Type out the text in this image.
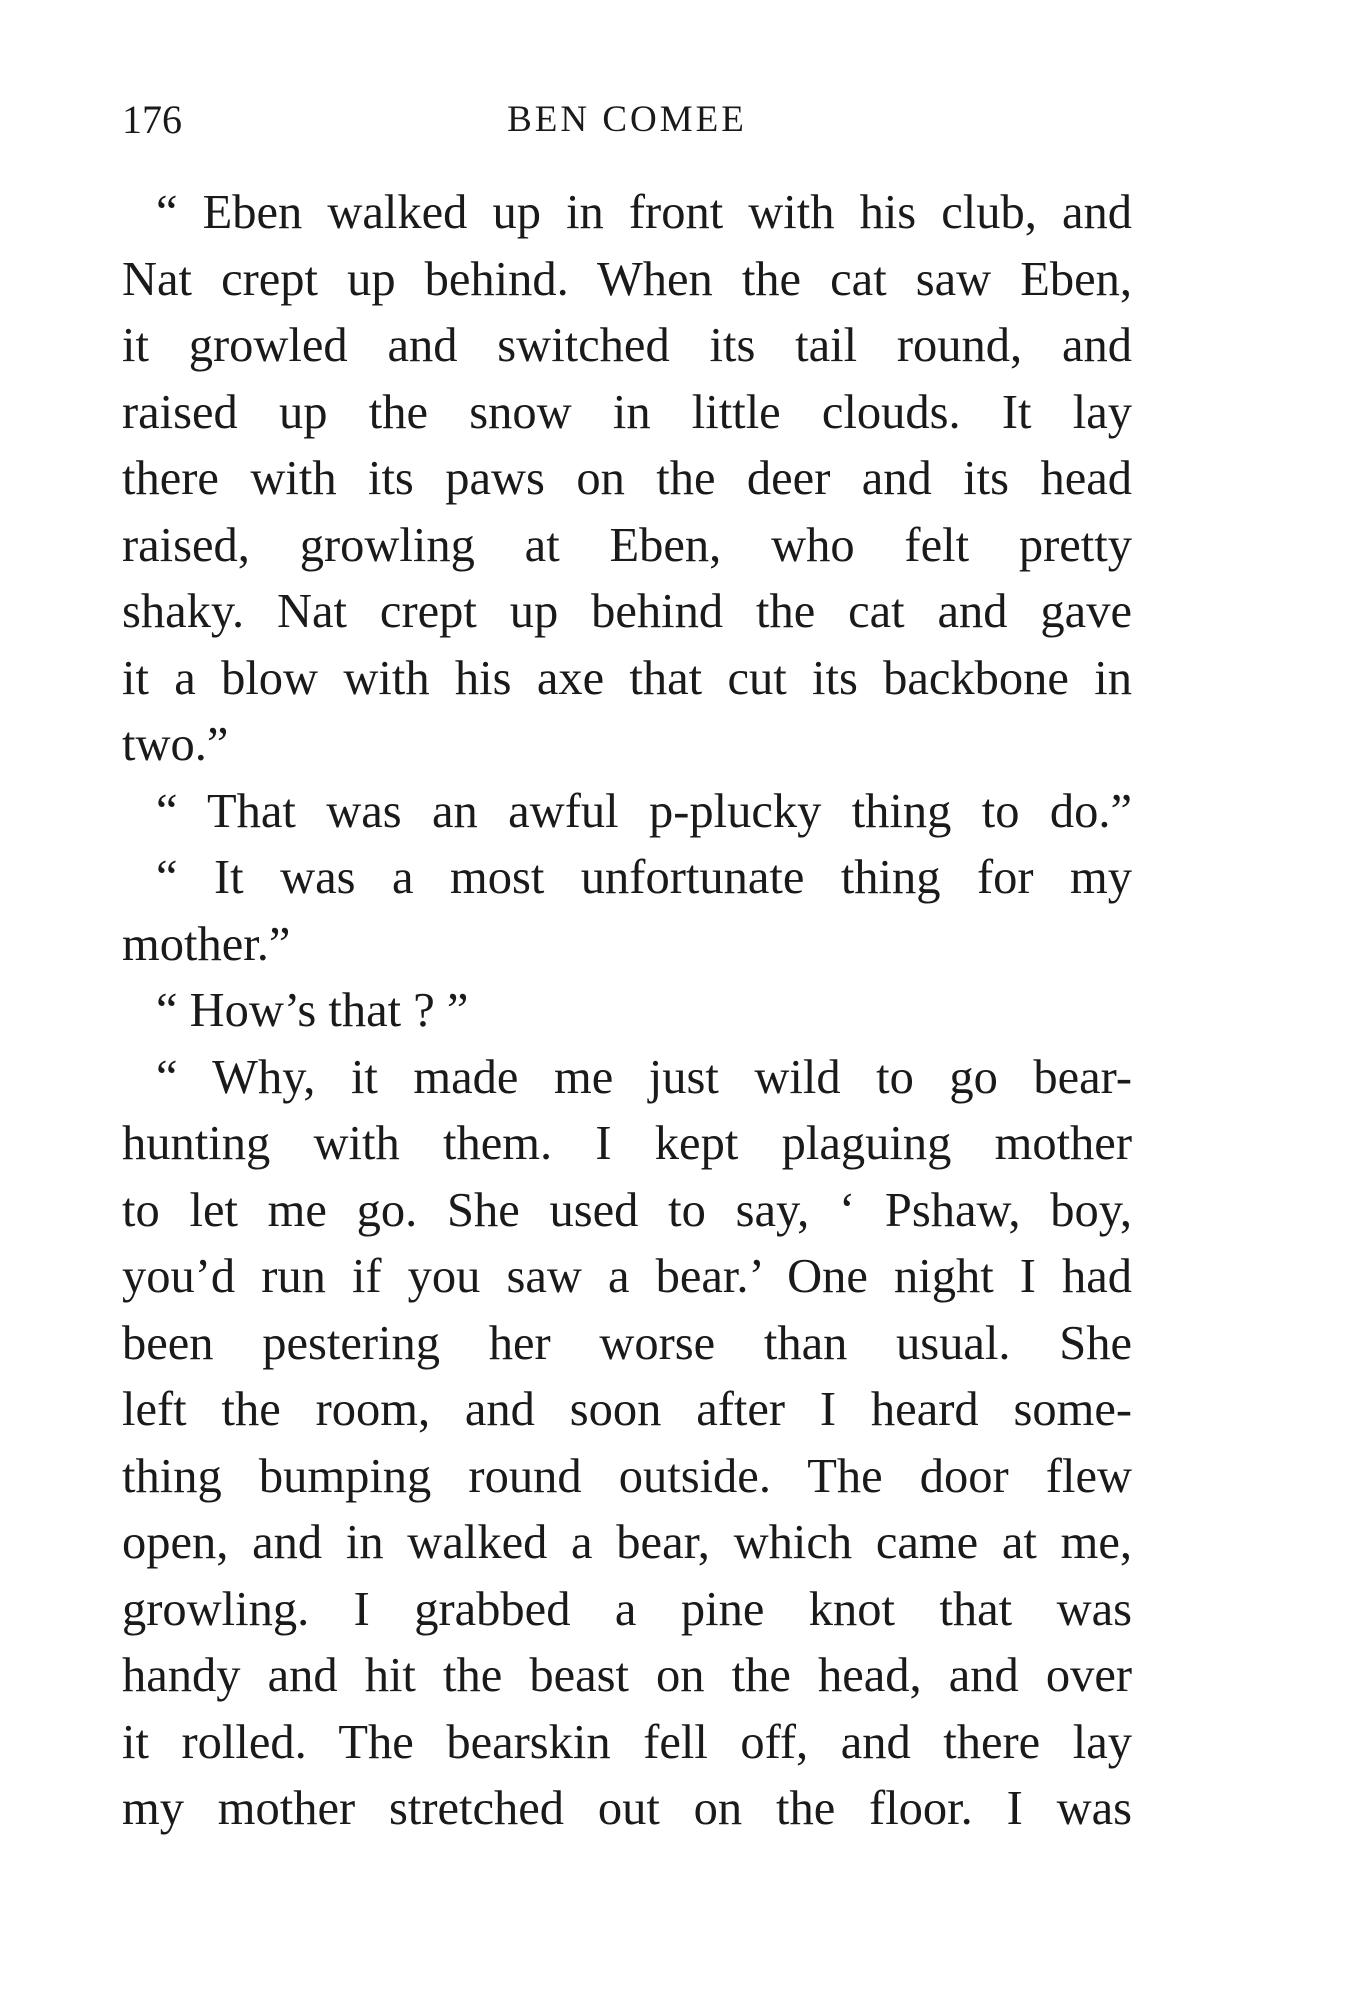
176	BEN COMEE
“ Eben walked up in front with his club, and
Nat crept up behind. When the cat saw Eben,
it growled and switched its tail round, and
raised up the snow in little clouds. It lay
there with its paws on the deer and its head
raised, growling at Eben, who felt pretty
shaky. Nat crept up behind the cat and gave
it a blow with his axe that cut its backbone in
two.”
“ That was an awful p-plucky thing to do.”
“ It was a most unfortunate thing for my
mother.”
“ How’s that ? ”
“ Why, it made me just wild to go bear-
hunting with them. I kept plaguing mother
to let me go. She used to say, ‘ Pshaw, boy,
you’d run if you saw a bear.’ One night I had
been pestering her worse than usual. She
left the room, and soon after I heard some-
thing bumping round outside. The door flew
open, and in walked a bear, which came at me,
growling. I grabbed a pine knot that was
handy and hit the beast on the head, and over
it rolled. The bearskin fell off, and there lay
my mother stretched out on the floor. I was
